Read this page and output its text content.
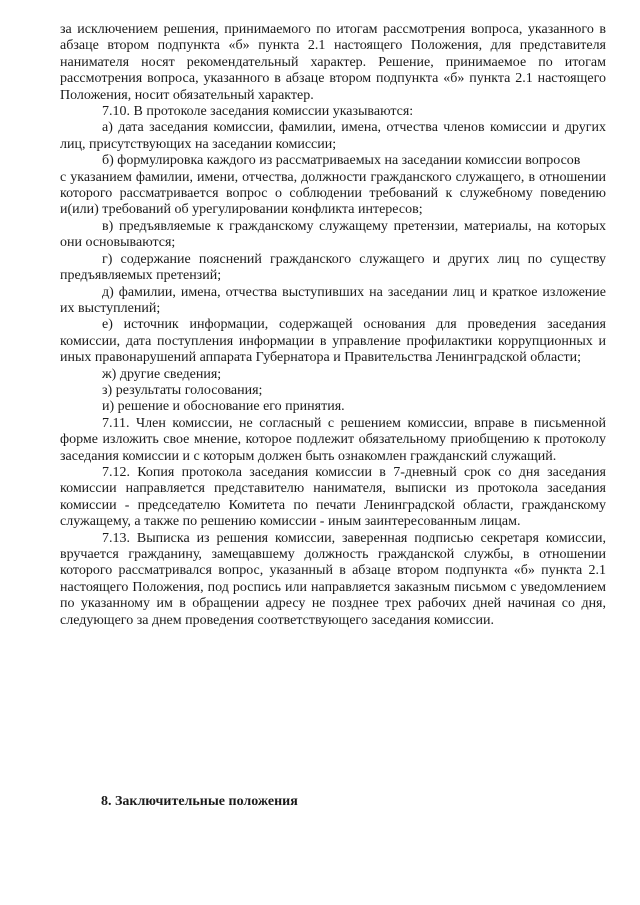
за исключением решения, принимаемого по итогам рассмотрения вопроса, указанного в абзаце втором подпункта «б» пункта 2.1 настоящего Положения, для представителя нанимателя носят рекомендательный характер. Решение, принимаемое по итогам рассмотрения вопроса, указанного в абзаце втором подпункта «б» пункта 2.1 настоящего Положения, носит обязательный характер.

7.10. В протоколе заседания комиссии указываются:

а) дата заседания комиссии, фамилии, имена, отчества членов комиссии и других лиц, присутствующих на заседании комиссии;

б) формулировка каждого из рассматриваемых на заседании комиссии вопросов

с указанием фамилии, имени, отчества, должности гражданского служащего, в отношении которого рассматривается вопрос о соблюдении требований к служебному поведению и(или) требований об урегулировании конфликта интересов;

в) предъявляемые к гражданскому служащему претензии, материалы, на которых они основываются;

г) содержание пояснений гражданского служащего и других лиц по существу предъявляемых претензий;

д) фамилии, имена, отчества выступивших на заседании лиц и краткое изложение их выступлений;

е) источник информации, содержащей основания для проведения заседания комиссии, дата поступления информации в управление профилактики коррупционных и иных правонарушений аппарата Губернатора и Правительства Ленинградской области;

ж) другие сведения;

з) результаты голосования;

и) решение и обоснование его принятия.

7.11. Член комиссии, не согласный с решением комиссии, вправе в письменной форме изложить свое мнение, которое подлежит обязательному приобщению к протоколу заседания комиссии и с которым должен быть ознакомлен гражданский служащий.

7.12. Копия протокола заседания комиссии в 7-дневный срок со дня заседания комиссии направляется представителю нанимателя, выписки из протокола заседания комиссии - председателю Комитета по печати Ленинградской области, гражданскому служащему, а также по решению комиссии - иным заинтересованным лицам.

7.13. Выписка из решения комиссии, заверенная подписью секретаря комиссии, вручается гражданину, замещавшему должность гражданской службы, в отношении которого рассматривался вопрос, указанный в абзаце втором подпункта «б» пункта 2.1 настоящего Положения, под роспись или направляется заказным письмом с уведомлением по указанному им в обращении адресу не позднее трех рабочих дней начиная со дня, следующего за днем проведения соответствующего заседания комиссии.

8. Заключительные положения
